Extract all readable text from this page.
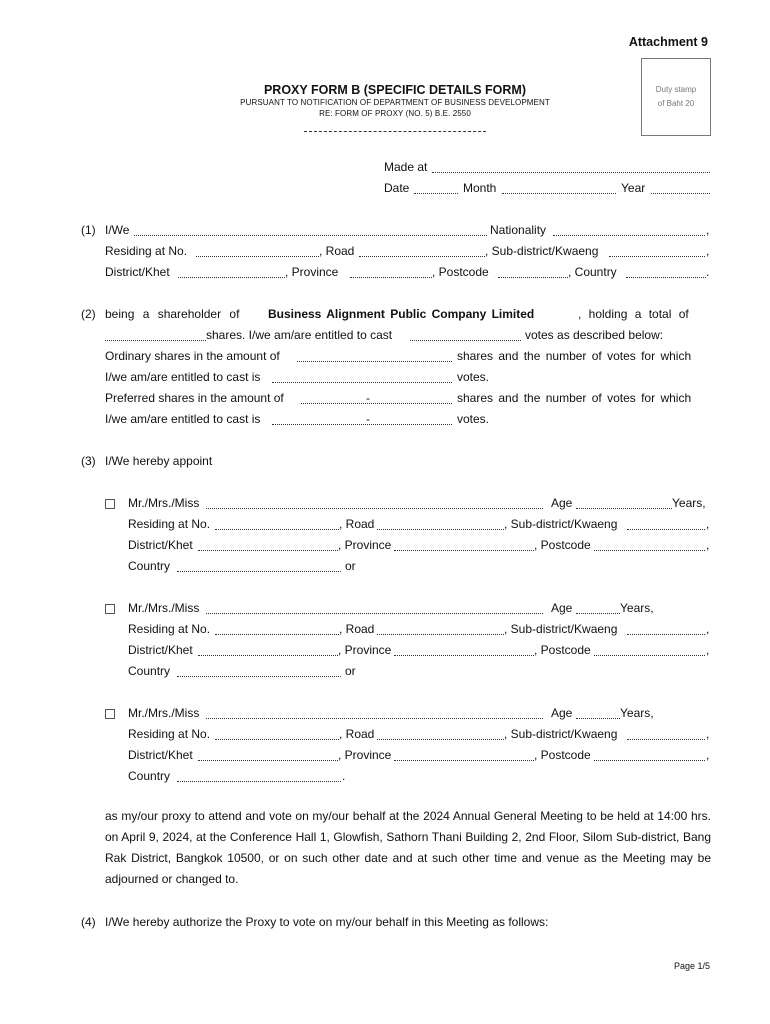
Attachment 9
Duty stamp
of Baht 20
PROXY FORM B (SPECIFIC DETAILS FORM)
PURSUANT TO NOTIFICATION OF DEPARTMENT OF BUSINESS DEVELOPMENT
RE: FORM OF PROXY (NO. 5) B.E. 2550
Made at
Date	Month	Year
(1) I/We	Nationality	,
Residing at No.	, Road	, Sub-district/Kwaeng	,
District/Khet	, Province	, Postcode	, Country	.
(2) being a shareholder of Business Alignment Public Company Limited	, holding a total of
shares. I/we am/are entitled to cast	votes as described below:
Ordinary shares in the amount of	shares and the number of votes for which
I/we am/are entitled to cast is	votes.
Preferred shares in the amount of	-	shares and the number of votes for which
I/we am/are entitled to cast is	-	votes.
(3) I/We hereby appoint
Mr./Mrs./Miss	Age	Years,
Residing at No.	, Road	, Sub-district/Kwaeng	,
District/Khet	, Province	, Postcode	,
Country	or
Mr./Mrs./Miss	Age	Years,
Residing at No.	, Road	, Sub-district/Kwaeng	,
District/Khet	, Province	, Postcode	,
Country	or
Mr./Mrs./Miss	Age	Years,
Residing at No.	, Road	, Sub-district/Kwaeng	,
District/Khet	, Province	, Postcode	,
Country	.
as my/our proxy to attend and vote on my/our behalf at the 2024 Annual General Meeting to be held at 14:00 hrs. on April 9, 2024, at the Conference Hall 1, Glowfish, Sathorn Thani Building 2, 2nd Floor, Silom Sub-district, Bang Rak District, Bangkok 10500, or on such other date and at such other time and venue as the Meeting may be adjourned or changed to.
(4) I/We hereby authorize the Proxy to vote on my/our behalf in this Meeting as follows:
Page 1/5
